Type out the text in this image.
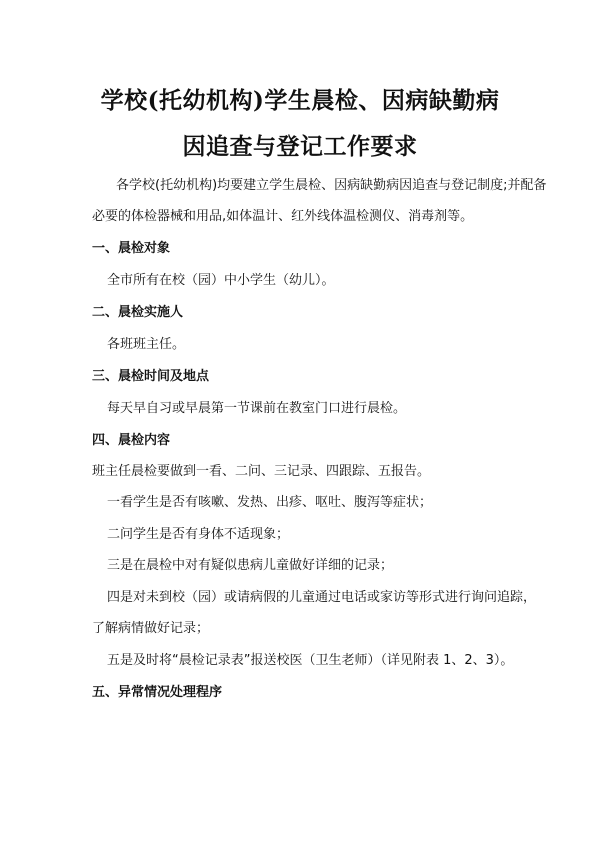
学校(托幼机构)学生晨检、因病缺勤病
因追查与登记工作要求
各学校(托幼机构)均要建立学生晨检、因病缺勤病因追查与登记制度;并配备
必要的体检器械和用品,如体温计、红外线体温检测仪、消毒剂等。
一、晨检对象
全市所有在校（园）中小学生（幼儿）。
二、晨检实施人
各班班主任。
三、晨检时间及地点
每天早自习或早晨第一节课前在教室门口进行晨检。
四、晨检内容
班主任晨检要做到一看、二问、三记录、四跟踪、五报告。
一看学生是否有咳嗽、发热、出疹、呕吐、腹泻等症状；
二问学生是否有身体不适现象；
三是在晨检中对有疑似患病儿童做好详细的记录；
四是对未到校（园）或请病假的儿童通过电话或家访等形式进行询问追踪，
了解病情做好记录；
五是及时将“晨检记录表”报送校医（卫生老师）（详见附表 1、2、3）。
五、异常情况处理程序
